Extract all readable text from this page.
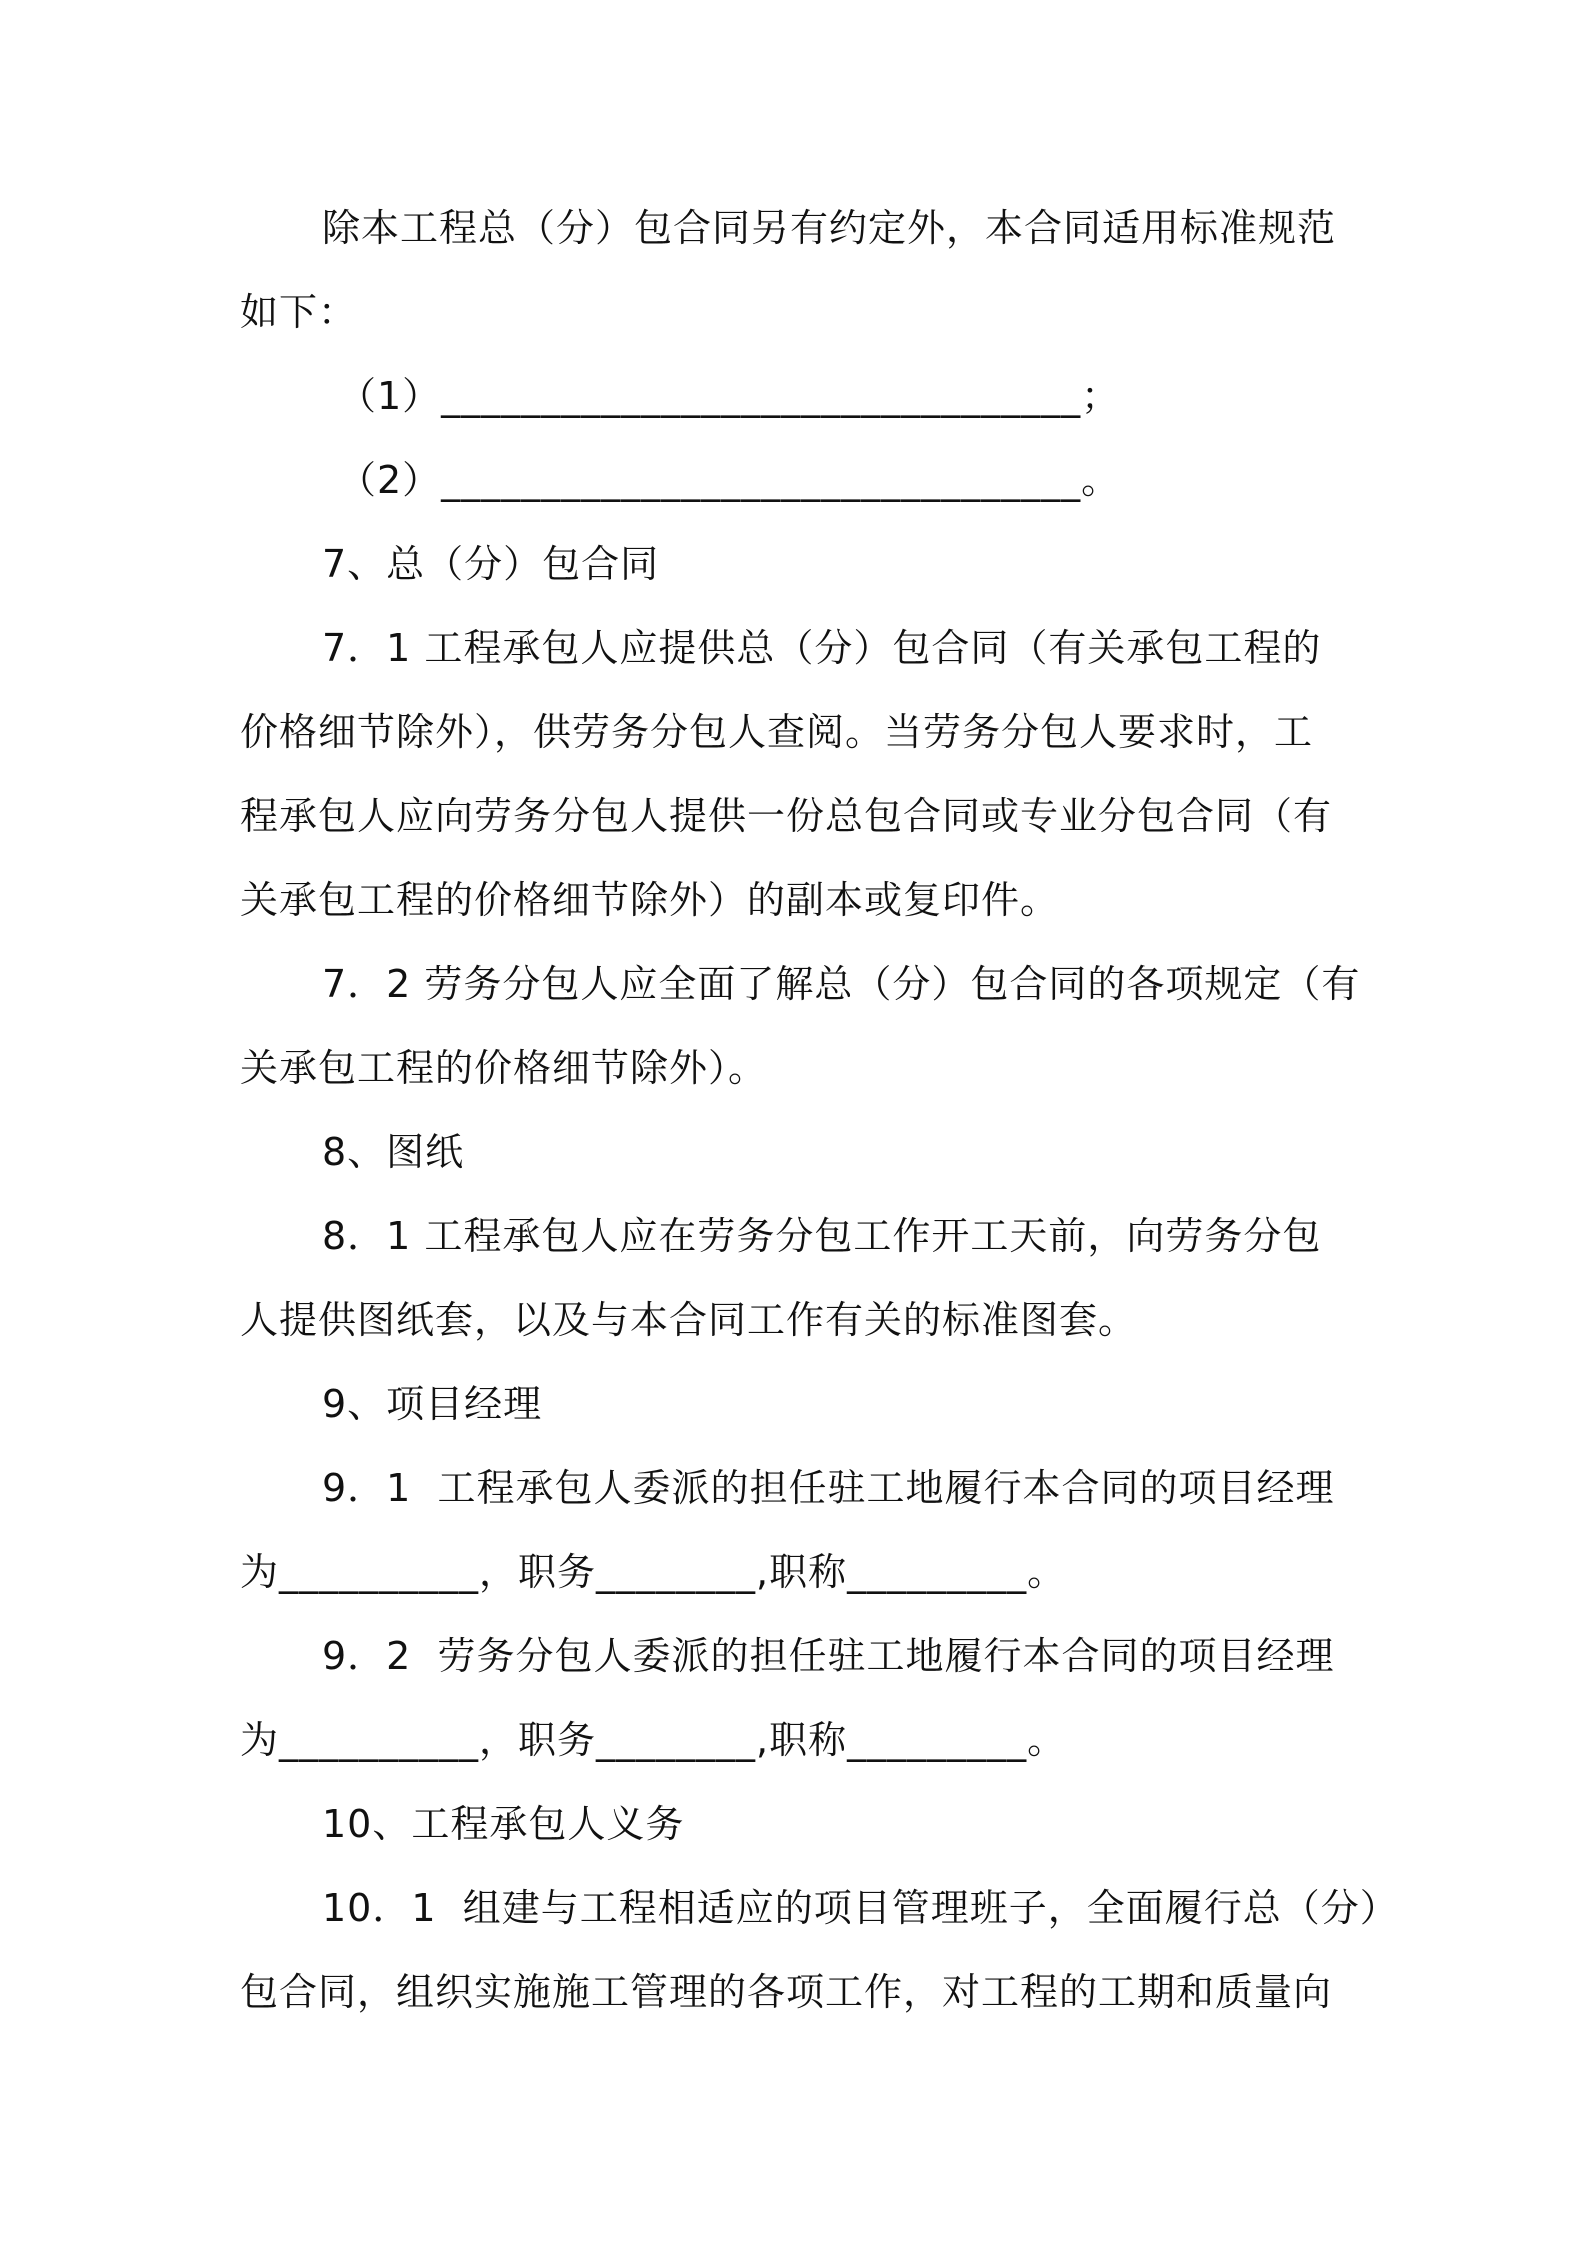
除本工程总（分）包合同另有约定外，本合同适用标准规范
如下：
（1）________________________________；
（2）________________________________。
7、总（分）包合同
7．1 工程承包人应提供总（分）包合同（有关承包工程的
价格细节除外），供劳务分包人查阅。当劳务分包人要求时，工
程承包人应向劳务分包人提供一份总包合同或专业分包合同（有
关承包工程的价格细节除外）的副本或复印件。
7．2 劳务分包人应全面了解总（分）包合同的各项规定（有
关承包工程的价格细节除外）。
8、图纸
8．1 工程承包人应在劳务分包工作开工天前，向劳务分包
人提供图纸套，以及与本合同工作有关的标准图套。
9、项目经理
9．1  工程承包人委派的担任驻工地履行本合同的项目经理
为__________，职务________,职称_________。
9．2  劳务分包人委派的担任驻工地履行本合同的项目经理
为__________，职务________,职称_________。
10、工程承包人义务
10．1  组建与工程相适应的项目管理班子，全面履行总（分）
包合同，组织实施施工管理的各项工作，对工程的工期和质量向
